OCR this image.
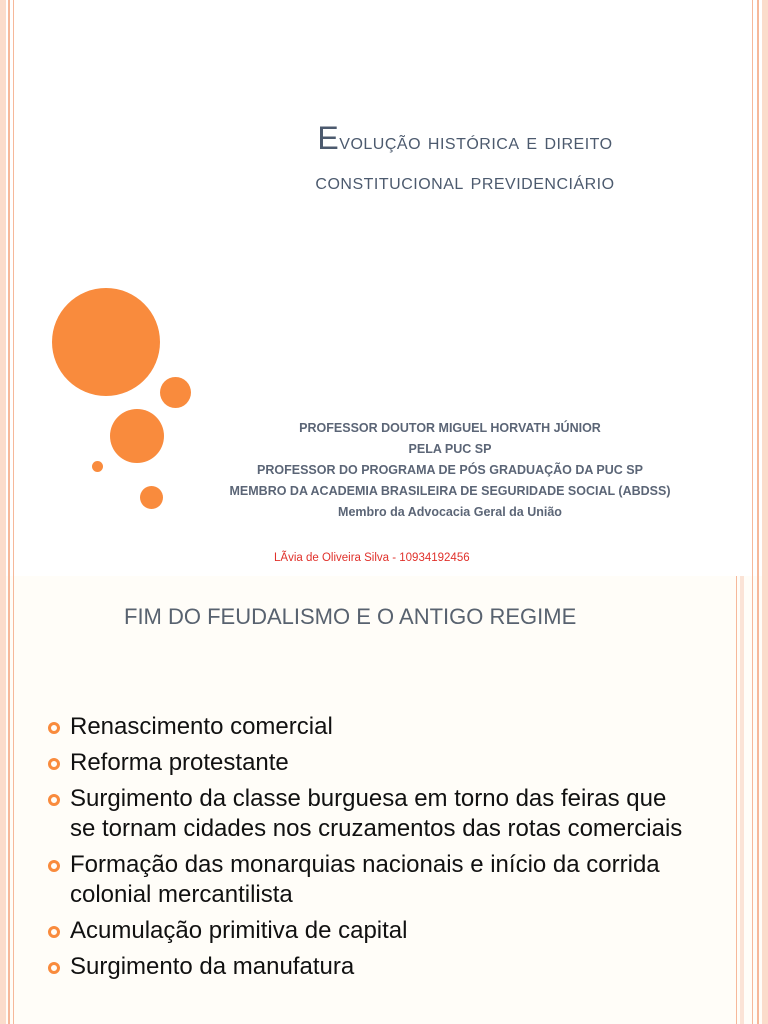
Evolução histórica e direito
constitucional previdenciário
PROFESSOR DOUTOR MIGUEL HORVATH JÚNIOR
PELA PUC SP
PROFESSOR DO PROGRAMA DE PÓS GRADUAÇÃO DA PUC SP
MEMBRO DA ACADEMIA BRASILEIRA DE SEGURIDADE SOCIAL (ABDSS)
Membro da Advocacia Geral da União
LÃvia de Oliveira Silva - 10934192456
FIM DO FEUDALISMO E O ANTIGO REGIME
Renascimento comercial
Reforma protestante
Surgimento da classe burguesa em torno das feiras que se tornam cidades nos cruzamentos das rotas comerciais
Formação das monarquias nacionais e início da corrida colonial mercantilista
Acumulação primitiva de capital
Surgimento da manufatura
